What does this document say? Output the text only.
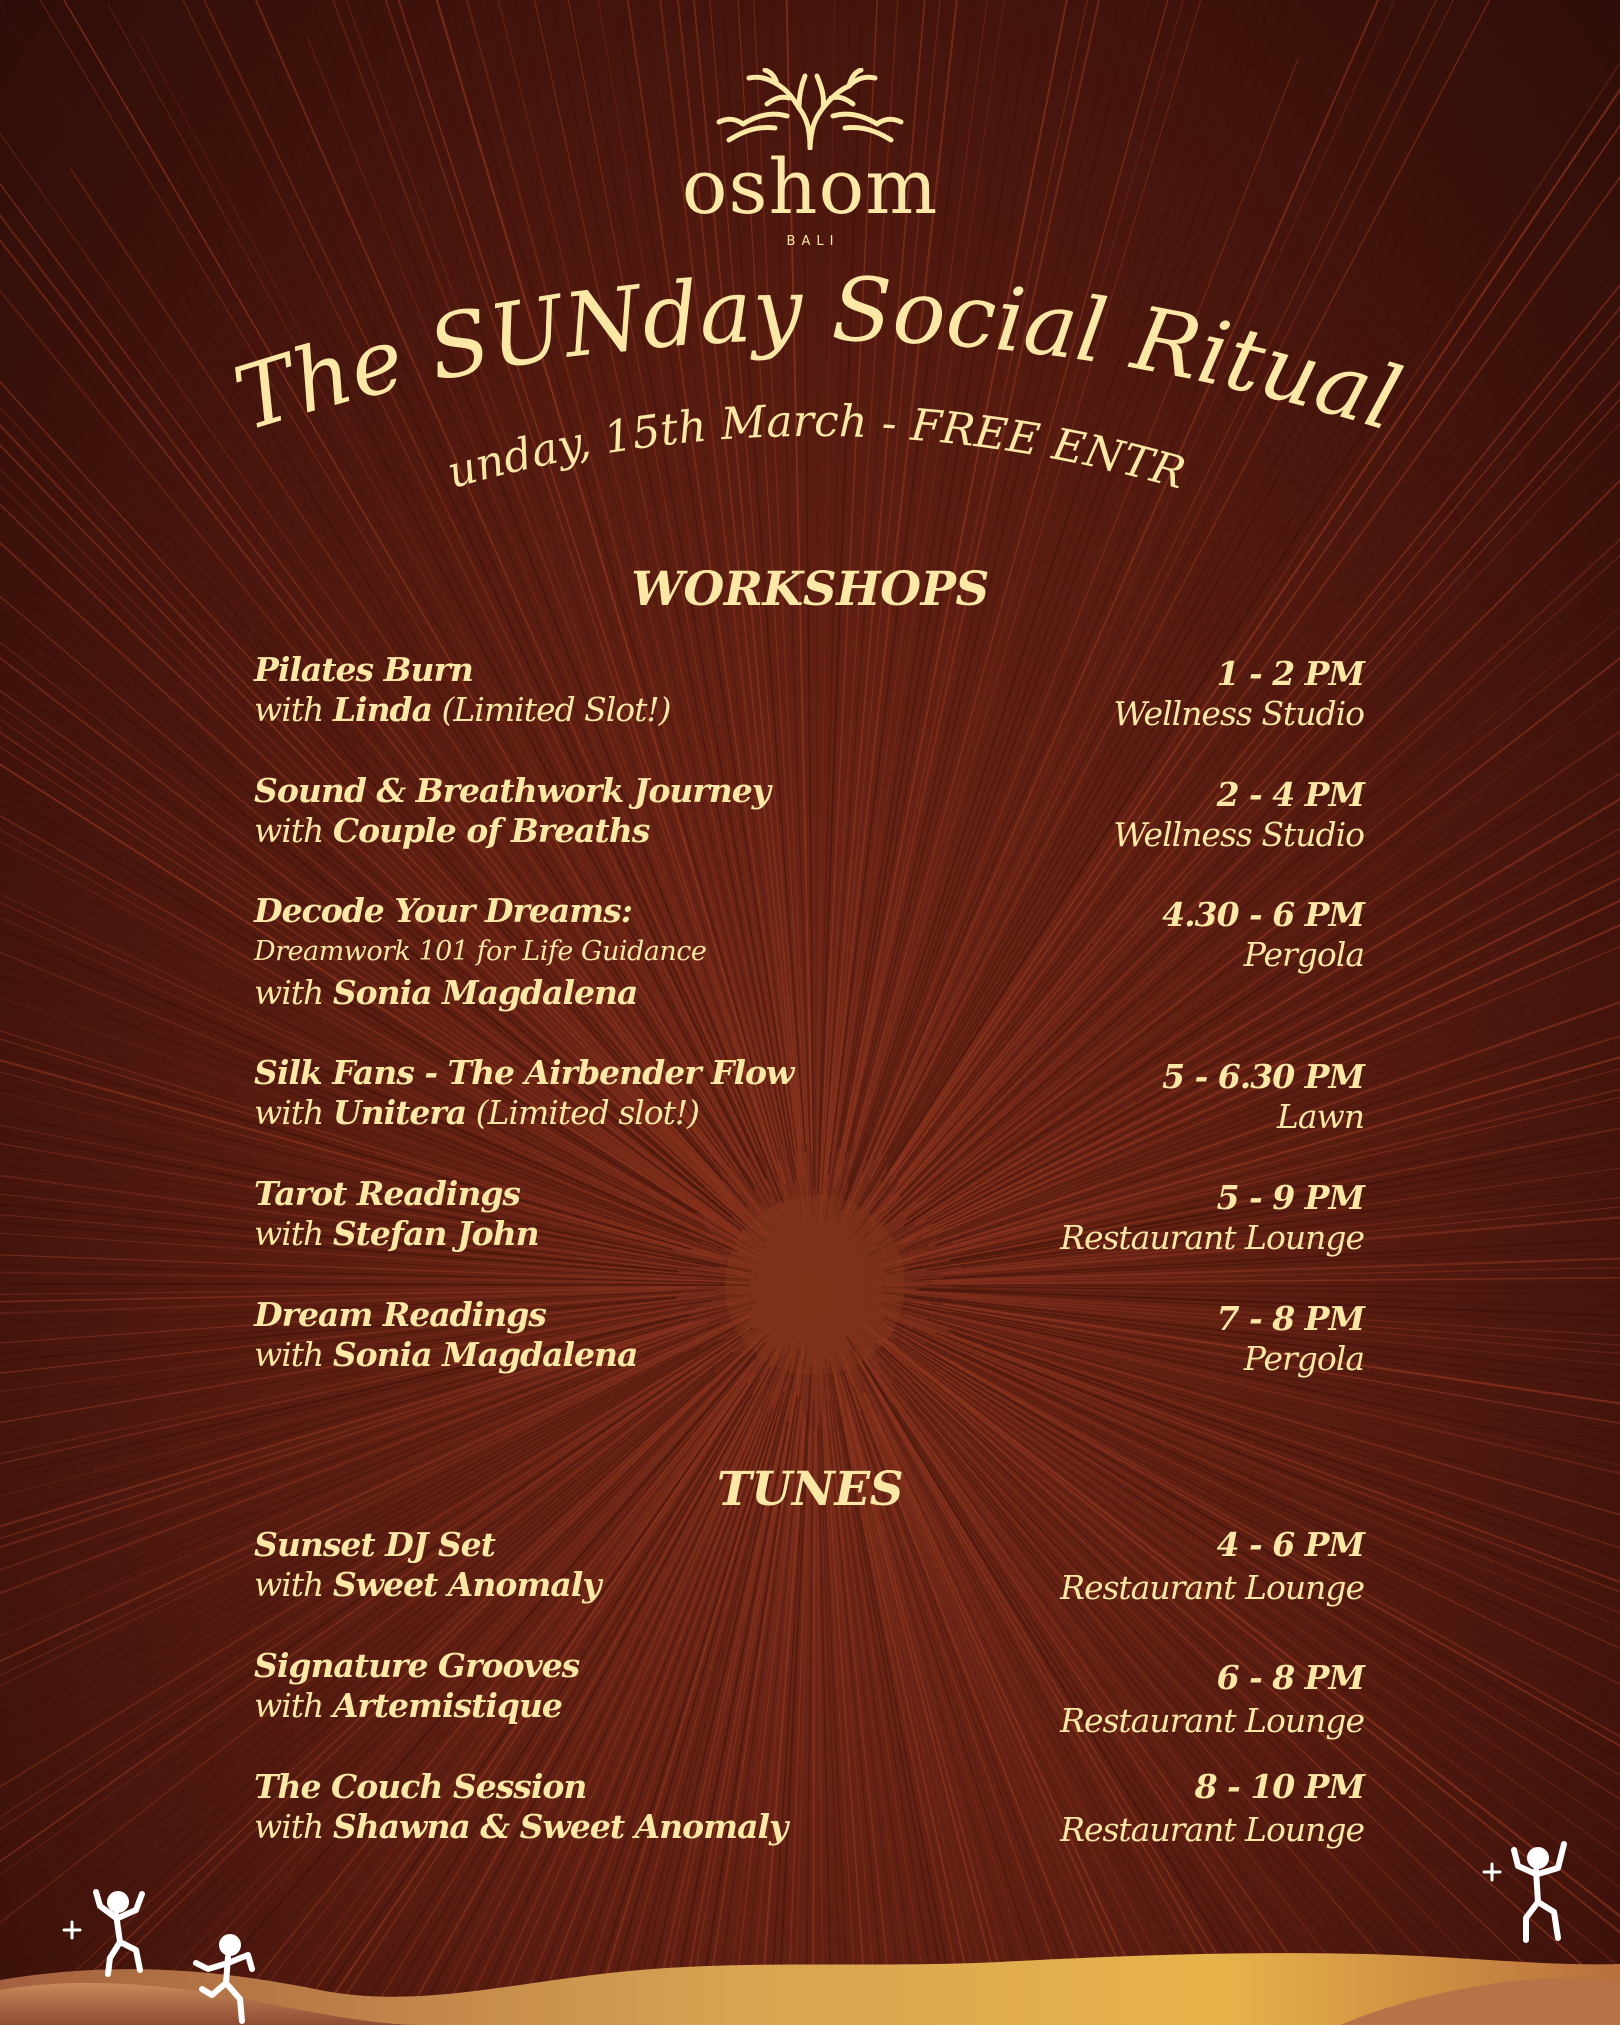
oshom
BALI
The SUNday Social Ritual
unday, 15th March - FREE ENTR
WORKSHOPS
Pilates Burn
with Linda (Limited Slot!)
1 - 2 PM
Wellness Studio
Sound & Breathwork Journey
with Couple of Breaths
2 - 4 PM
Wellness Studio
Decode Your Dreams:
Dreamwork 101 for Life Guidance
with Sonia Magdalena
4.30 - 6 PM
Pergola
Silk Fans - The Airbender Flow
with Unitera (Limited slot!)
5 - 6.30 PM
Lawn
Tarot Readings
with Stefan John
5 - 9 PM
Restaurant Lounge
Dream Readings
with Sonia Magdalena
7 - 8 PM
Pergola
TUNES
Sunset DJ Set
with Sweet Anomaly
4 - 6 PM
Restaurant Lounge
Signature Grooves
with Artemistique
6 - 8 PM
Restaurant Lounge
The Couch Session
with Shawna & Sweet Anomaly
8 - 10 PM
Restaurant Lounge
